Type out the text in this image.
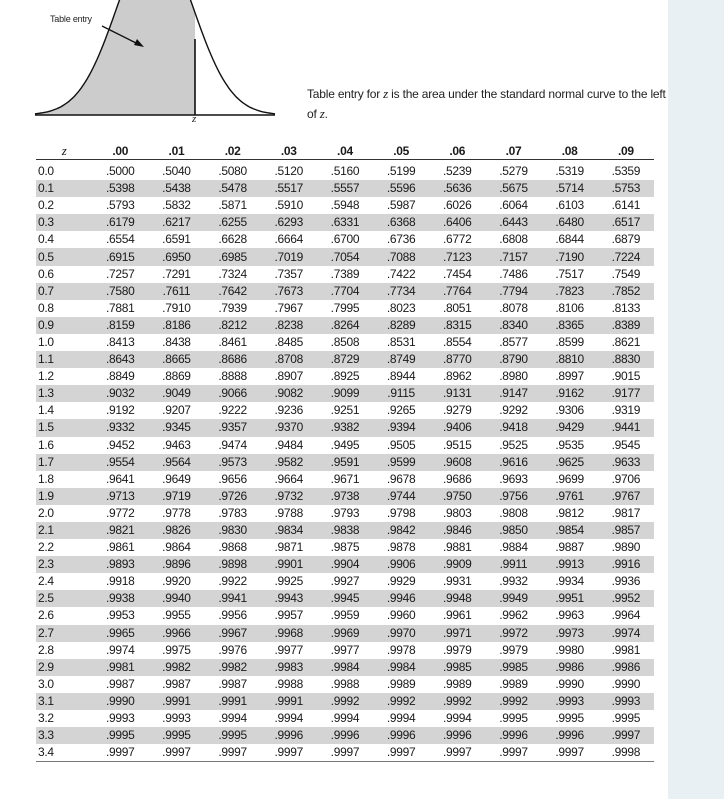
Table entry
z
Table entry for z is the area under the standard normal curve to the left of z.
z	.00	.01	.02	.03	.04	.05	.06	.07	.08	.09
0.0	.5000	.5040	.5080	.5120	.5160	.5199	.5239	.5279	.5319	.5359
0.1	.5398	.5438	.5478	.5517	.5557	.5596	.5636	.5675	.5714	.5753
0.2	.5793	.5832	.5871	.5910	.5948	.5987	.6026	.6064	.6103	.6141
0.3	.6179	.6217	.6255	.6293	.6331	.6368	.6406	.6443	.6480	.6517
0.4	.6554	.6591	.6628	.6664	.6700	.6736	.6772	.6808	.6844	.6879
0.5	.6915	.6950	.6985	.7019	.7054	.7088	.7123	.7157	.7190	.7224
0.6	.7257	.7291	.7324	.7357	.7389	.7422	.7454	.7486	.7517	.7549
0.7	.7580	.7611	.7642	.7673	.7704	.7734	.7764	.7794	.7823	.7852
0.8	.7881	.7910	.7939	.7967	.7995	.8023	.8051	.8078	.8106	.8133
0.9	.8159	.8186	.8212	.8238	.8264	.8289	.8315	.8340	.8365	.8389
1.0	.8413	.8438	.8461	.8485	.8508	.8531	.8554	.8577	.8599	.8621
1.1	.8643	.8665	.8686	.8708	.8729	.8749	.8770	.8790	.8810	.8830
1.2	.8849	.8869	.8888	.8907	.8925	.8944	.8962	.8980	.8997	.9015
1.3	.9032	.9049	.9066	.9082	.9099	.9115	.9131	.9147	.9162	.9177
1.4	.9192	.9207	.9222	.9236	.9251	.9265	.9279	.9292	.9306	.9319
1.5	.9332	.9345	.9357	.9370	.9382	.9394	.9406	.9418	.9429	.9441
1.6	.9452	.9463	.9474	.9484	.9495	.9505	.9515	.9525	.9535	.9545
1.7	.9554	.9564	.9573	.9582	.9591	.9599	.9608	.9616	.9625	.9633
1.8	.9641	.9649	.9656	.9664	.9671	.9678	.9686	.9693	.9699	.9706
1.9	.9713	.9719	.9726	.9732	.9738	.9744	.9750	.9756	.9761	.9767
2.0	.9772	.9778	.9783	.9788	.9793	.9798	.9803	.9808	.9812	.9817
2.1	.9821	.9826	.9830	.9834	.9838	.9842	.9846	.9850	.9854	.9857
2.2	.9861	.9864	.9868	.9871	.9875	.9878	.9881	.9884	.9887	.9890
2.3	.9893	.9896	.9898	.9901	.9904	.9906	.9909	.9911	.9913	.9916
2.4	.9918	.9920	.9922	.9925	.9927	.9929	.9931	.9932	.9934	.9936
2.5	.9938	.9940	.9941	.9943	.9945	.9946	.9948	.9949	.9951	.9952
2.6	.9953	.9955	.9956	.9957	.9959	.9960	.9961	.9962	.9963	.9964
2.7	.9965	.9966	.9967	.9968	.9969	.9970	.9971	.9972	.9973	.9974
2.8	.9974	.9975	.9976	.9977	.9977	.9978	.9979	.9979	.9980	.9981
2.9	.9981	.9982	.9982	.9983	.9984	.9984	.9985	.9985	.9986	.9986
3.0	.9987	.9987	.9987	.9988	.9988	.9989	.9989	.9989	.9990	.9990
3.1	.9990	.9991	.9991	.9991	.9992	.9992	.9992	.9992	.9993	.9993
3.2	.9993	.9993	.9994	.9994	.9994	.9994	.9994	.9995	.9995	.9995
3.3	.9995	.9995	.9995	.9996	.9996	.9996	.9996	.9996	.9996	.9997
3.4	.9997	.9997	.9997	.9997	.9997	.9997	.9997	.9997	.9997	.9998
